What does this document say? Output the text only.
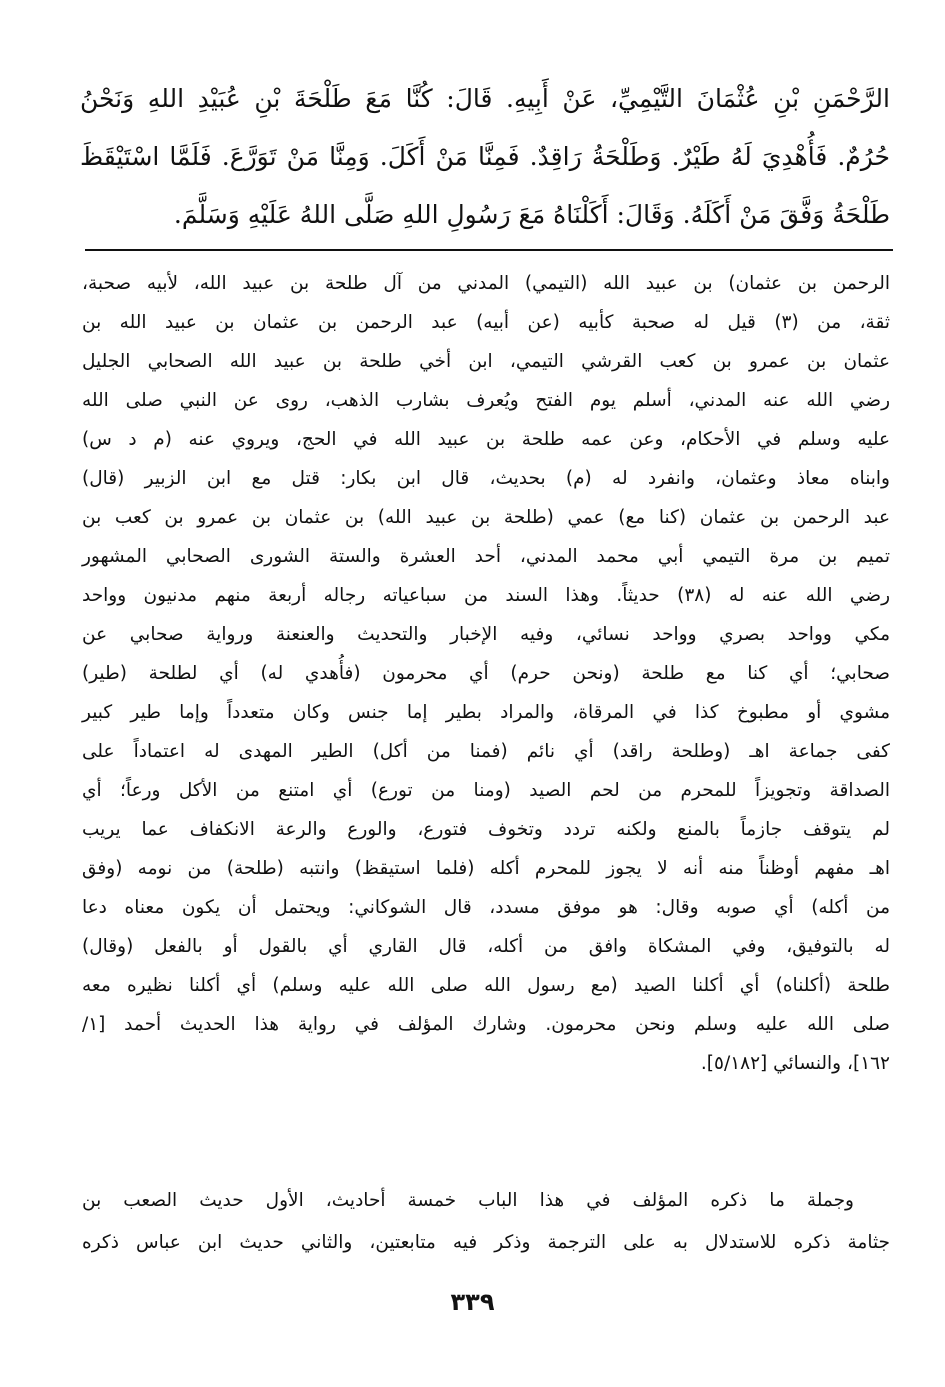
الرَّحْمَنِ بْنِ عُثْمَانَ التَّيْمِيِّ، عَنْ أَبِيهِ. قَالَ: كُنَّا مَعَ طَلْحَةَ بْنِ عُبَيْدِ اللهِ وَنَحْنُ
حُرُمٌ. فَأُهْدِيَ لَهُ طَيْرٌ. وَطَلْحَةُ رَاقِدٌ. فَمِنَّا مَنْ أَكَلَ. وَمِنَّا مَنْ تَوَرَّعَ. فَلَمَّا اسْتَيْقَظَ
طَلْحَةُ وَفَّقَ مَنْ أَكَلَهُ. وَقَالَ: أَكَلْنَاهُ مَعَ رَسُولِ اللهِ صَلَّى اللهُ عَلَيْهِ وَسَلَّمَ.
الرحمن بن عثمان) بن عبيد الله (التيمي) المدني من آل طلحة بن عبيد الله، لأبيه صحبة،
ثقة، من (٣) قيل له صحبة كأبيه (عن أبيه) عبد الرحمن بن عثمان بن عبيد الله بن
عثمان بن عمرو بن كعب القرشي التيمي، ابن أخي طلحة بن عبيد الله الصحابي الجليل
رضي الله عنه المدني، أسلم يوم الفتح ويُعرف بشارب الذهب، روى عن النبي صلى الله
عليه وسلم في الأحكام، وعن عمه طلحة بن عبيد الله في الحج، ويروي عنه (م د س)
وابناه معاذ وعثمان، وانفرد له (م) بحديث، قال ابن بكار: قتل مع ابن الزبير (قال)
عبد الرحمن بن عثمان (كنا مع) عمي (طلحة بن عبيد الله) بن عثمان بن عمرو بن كعب بن
تميم بن مرة التيمي أبي محمد المدني، أحد العشرة والستة الشورى الصحابي المشهور
رضي الله عنه له (٣٨) حديثاً. وهذا السند من سباعياته رجاله أربعة منهم مدنيون وواحد
مكي وواحد بصري وواحد نسائي، وفيه الإخبار والتحديث والعنعنة ورواية صحابي عن
صحابي؛ أي كنا مع طلحة (ونحن حرم) أي محرمون (فأُهدي له) أي لطلحة (طير)
مشوي أو مطبوخ كذا في المرقاة، والمراد بطير إما جنس وكان متعدداً وإما طير كبير
كفى جماعة اهـ (وطلحة راقد) أي نائم (فمنا من أكل) الطير المهدى له اعتماداً على
الصداقة وتجويزاً للمحرم من لحم الصيد (ومنا من تورع) أي امتنع من الأكل ورعاً؛ أي
لم يتوقف جازماً بالمنع ولكنه تردد وتخوف فتورع، والورع والرعة الانكفاف عما يريب
اهـ مفهم أوظناً منه أنه لا يجوز للمحرم أكله (فلما استيقظ) وانتبه (طلحة) من نومه (وفق
من أكله) أي صوبه وقال: هو موفق مسدد، قال الشوكاني: ويحتمل أن يكون معناه دعا
له بالتوفيق، وفي المشكاة وافق من أكله، قال القاري أي بالقول أو بالفعل (وقال)
طلحة (أكلناه) أي أكلنا الصيد (مع رسول الله صلى الله عليه وسلم) أي أكلنا نظيره معه
صلى الله عليه وسلم ونحن محرمون. وشارك المؤلف في رواية هذا الحديث أحمد [١/
١٦٢]، والنسائي [٥/١٨٢].
وجملة ما ذكره المؤلف في هذا الباب خمسة أحاديث، الأول حديث الصعب بن
جثامة ذكره للاستدلال به على الترجمة وذكر فيه متابعتين، والثاني حديث ابن عباس ذكره
٣٣٩
